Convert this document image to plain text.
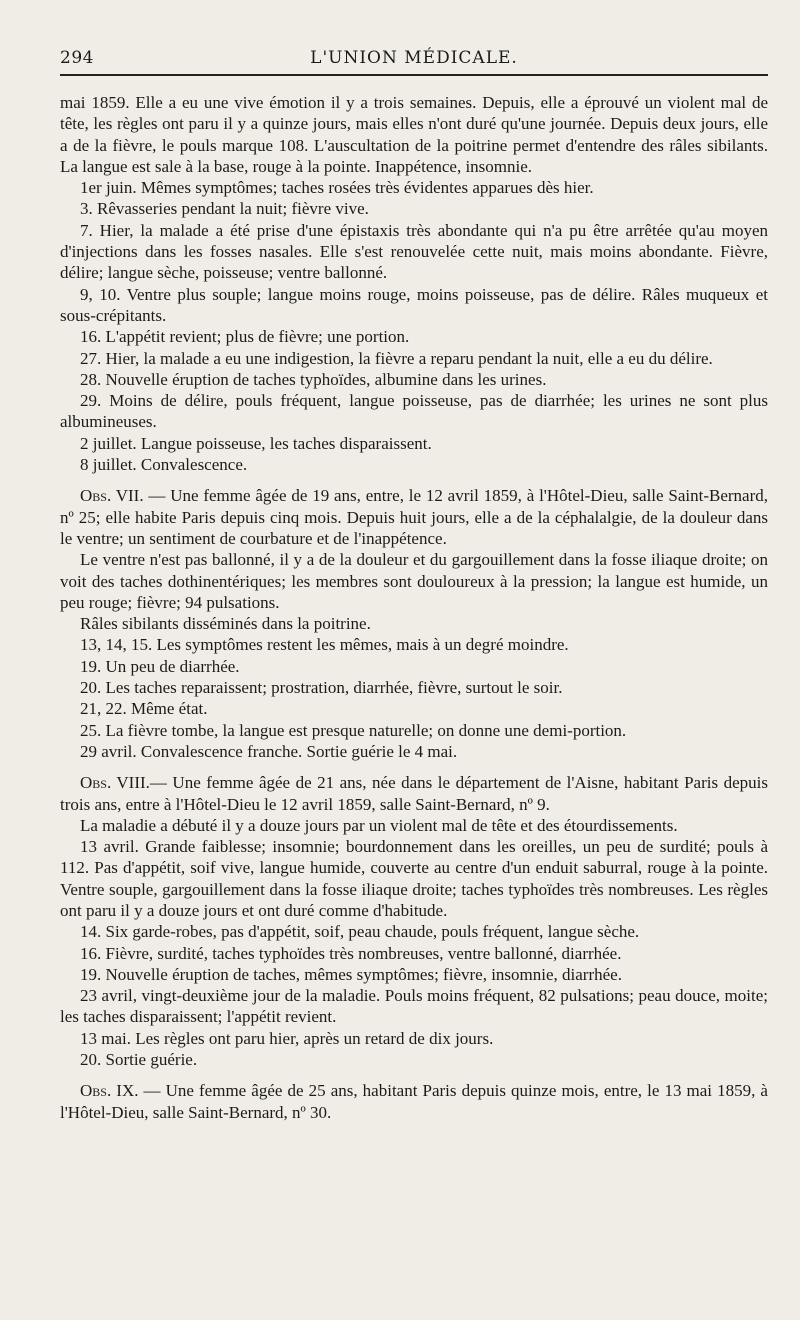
294	L'UNION MÉDICALE.

mai 1859. Elle a eu une vive émotion il y a trois semaines. Depuis, elle a éprouvé un violent mal de tête, les règles ont paru il y a quinze jours, mais elles n'ont duré qu'une journée. Depuis deux jours, elle a de la fièvre, le pouls marque 108. L'auscultation de la poitrine permet d'entendre des râles sibilants. La langue est sale à la base, rouge à la pointe. Inappétence, insomnie.

1er juin. Mêmes symptômes; taches rosées très évidentes apparues dès hier.

3. Rêvasseries pendant la nuit; fièvre vive.

7. Hier, la malade a été prise d'une épistaxis très abondante qui n'a pu être arrêtée qu'au moyen d'injections dans les fosses nasales. Elle s'est renouvelée cette nuit, mais moins abondante. Fièvre, délire; langue sèche, poisseuse; ventre ballonné.

9, 10. Ventre plus souple; langue moins rouge, moins poisseuse, pas de délire. Râles muqueux et sous-crépitants.

16. L'appétit revient; plus de fièvre; une portion.

27. Hier, la malade a eu une indigestion, la fièvre a reparu pendant la nuit, elle a eu du délire.

28. Nouvelle éruption de taches typhoïdes, albumine dans les urines.

29. Moins de délire, pouls fréquent, langue poisseuse, pas de diarrhée; les urines ne sont plus albumineuses.

2 juillet. Langue poisseuse, les taches disparaissent.

8 juillet. Convalescence.

Obs. VII. — Une femme âgée de 19 ans, entre, le 12 avril 1859, à l'Hôtel-Dieu, salle Saint-Bernard, nº 25; elle habite Paris depuis cinq mois. Depuis huit jours, elle a de la céphalalgie, de la douleur dans le ventre; un sentiment de courbature et de l'inappétence.

Le ventre n'est pas ballonné, il y a de la douleur et du gargouillement dans la fosse iliaque droite; on voit des taches dothinentériques; les membres sont douloureux à la pression; la langue est humide, un peu rouge; fièvre; 94 pulsations.

Râles sibilants disséminés dans la poitrine.

13, 14, 15. Les symptômes restent les mêmes, mais à un degré moindre.

19. Un peu de diarrhée.

20. Les taches reparaissent; prostration, diarrhée, fièvre, surtout le soir.

21, 22. Même état.

25. La fièvre tombe, la langue est presque naturelle; on donne une demi-portion.

29 avril. Convalescence franche. Sortie guérie le 4 mai.

Obs. VIII.— Une femme âgée de 21 ans, née dans le département de l'Aisne, habitant Paris depuis trois ans, entre à l'Hôtel-Dieu le 12 avril 1859, salle Saint-Bernard, nº 9.

La maladie a débuté il y a douze jours par un violent mal de tête et des étourdissements.

13 avril. Grande faiblesse; insomnie; bourdonnement dans les oreilles, un peu de surdité; pouls à 112. Pas d'appétit, soif vive, langue humide, couverte au centre d'un enduit saburral, rouge à la pointe. Ventre souple, gargouillement dans la fosse iliaque droite; taches typhoïdes très nombreuses. Les règles ont paru il y a douze jours et ont duré comme d'habitude.

14. Six garde-robes, pas d'appétit, soif, peau chaude, pouls fréquent, langue sèche.

16. Fièvre, surdité, taches typhoïdes très nombreuses, ventre ballonné, diarrhée.

19. Nouvelle éruption de taches, mêmes symptômes; fièvre, insomnie, diarrhée.

23 avril, vingt-deuxième jour de la maladie. Pouls moins fréquent, 82 pulsations; peau douce, moite; les taches disparaissent; l'appétit revient.

13 mai. Les règles ont paru hier, après un retard de dix jours.

20. Sortie guérie.

Obs. IX. — Une femme âgée de 25 ans, habitant Paris depuis quinze mois, entre, le 13 mai 1859, à l'Hôtel-Dieu, salle Saint-Bernard, nº 30.
